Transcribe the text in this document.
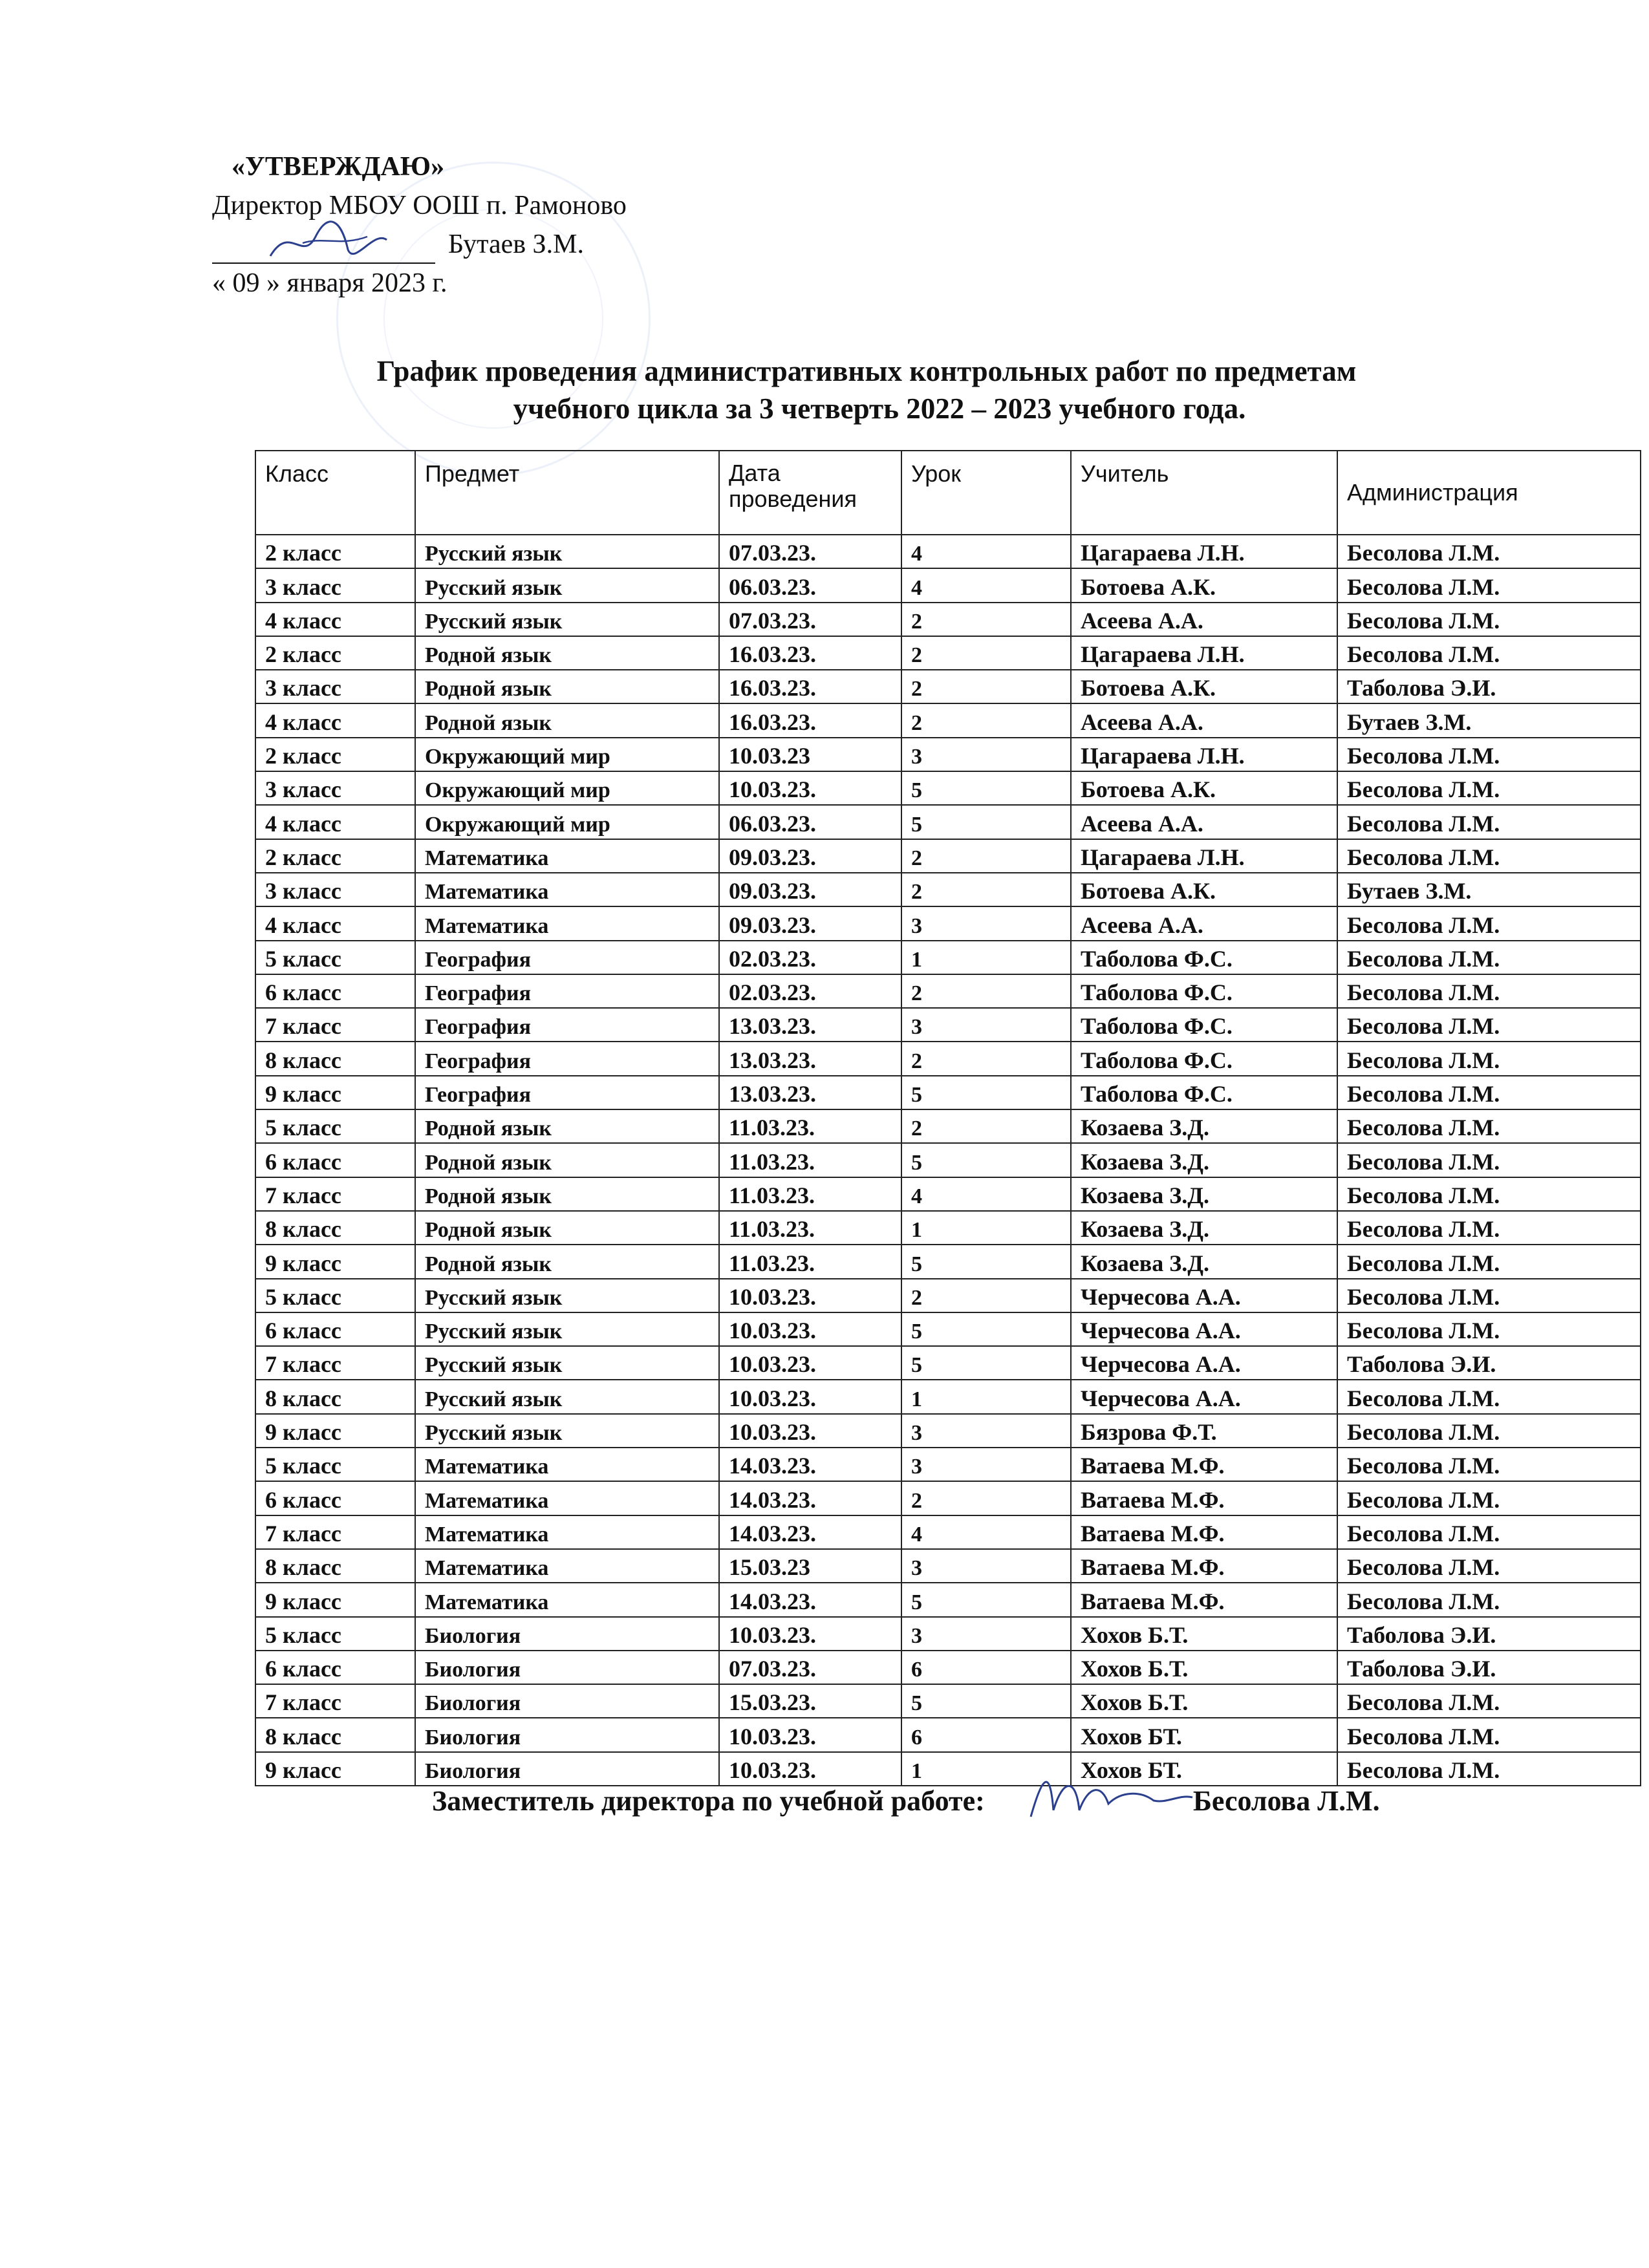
«УТВЕРЖДАЮ»
Директор МБОУ ООШ п. Рамоново
Бутаев З.М.
« 09 » января 2023 г.
График проведения административных контрольных работ по предметам
учебного цикла за 3 четверть 2022 – 2023 учебного года.
Класс	Предмет	Дата проведения	Урок	Учитель	Администрация
2 класс	Русский язык	07.03.23.	4	Цагараева Л.Н.	Бесолова Л.М.
3 класс	Русский язык	06.03.23.	4	Ботоева А.К.	Бесолова Л.М.
4 класс	Русский язык	07.03.23.	2	Асеева А.А.	Бесолова Л.М.
2 класс	Родной язык	16.03.23.	2	Цагараева Л.Н.	Бесолова Л.М.
3 класс	Родной язык	16.03.23.	2	Ботоева А.К.	Таболова Э.И.
4 класс	Родной язык	16.03.23.	2	Асеева А.А.	Бутаев З.М.
2 класс	Окружающий мир	10.03.23	3	Цагараева Л.Н.	Бесолова Л.М.
3 класс	Окружающий мир	10.03.23.	5	Ботоева А.К.	Бесолова Л.М.
4 класс	Окружающий мир	06.03.23.	5	Асеева А.А.	Бесолова Л.М.
2 класс	Математика	09.03.23.	2	Цагараева Л.Н.	Бесолова Л.М.
3 класс	Математика	09.03.23.	2	Ботоева А.К.	Бутаев З.М.
4 класс	Математика	09.03.23.	3	Асеева А.А.	Бесолова Л.М.
5 класс	География	02.03.23.	1	Таболова Ф.С.	Бесолова Л.М.
6 класс	География	02.03.23.	2	Таболова Ф.С.	Бесолова Л.М.
7 класс	География	13.03.23.	3	Таболова Ф.С.	Бесолова Л.М.
8 класс	География	13.03.23.	2	Таболова Ф.С.	Бесолова Л.М.
9 класс	География	13.03.23.	5	Таболова Ф.С.	Бесолова Л.М.
5 класс	Родной язык	11.03.23.	2	Козаева З.Д.	Бесолова Л.М.
6 класс	Родной язык	11.03.23.	5	Козаева З.Д.	Бесолова Л.М.
7 класс	Родной язык	11.03.23.	4	Козаева З.Д.	Бесолова Л.М.
8 класс	Родной язык	11.03.23.	1	Козаева З.Д.	Бесолова Л.М.
9 класс	Родной язык	11.03.23.	5	Козаева З.Д.	Бесолова Л.М.
5 класс	Русский язык	10.03.23.	2	Черчесова А.А.	Бесолова Л.М.
6 класс	Русский язык	10.03.23.	5	Черчесова А.А.	Бесолова Л.М.
7 класс	Русский язык	10.03.23.	5	Черчесова А.А.	Таболова Э.И.
8 класс	Русский язык	10.03.23.	1	Черчесова А.А.	Бесолова Л.М.
9 класс	Русский язык	10.03.23.	3	Бязрова Ф.Т.	Бесолова Л.М.
5 класс	Математика	14.03.23.	3	Ватаева М.Ф.	Бесолова Л.М.
6 класс	Математика	14.03.23.	2	Ватаева М.Ф.	Бесолова Л.М.
7 класс	Математика	14.03.23.	4	Ватаева М.Ф.	Бесолова Л.М.
8 класс	Математика	15.03.23	3	Ватаева М.Ф.	Бесолова Л.М.
9 класс	Математика	14.03.23.	5	Ватаева М.Ф.	Бесолова Л.М.
5 класс	Биология	10.03.23.	3	Хохов Б.Т.	Таболова Э.И.
6 класс	Биология	07.03.23.	6	Хохов Б.Т.	Таболова Э.И.
7 класс	Биология	15.03.23.	5	Хохов Б.Т.	Бесолова Л.М.
8 класс	Биология	10.03.23.	6	Хохов БТ.	Бесолова Л.М.
9 класс	Биология	10.03.23.	1	Хохов БТ.	Бесолова Л.М.
Заместитель директора по учебной работе:	Бесолова Л.М.
